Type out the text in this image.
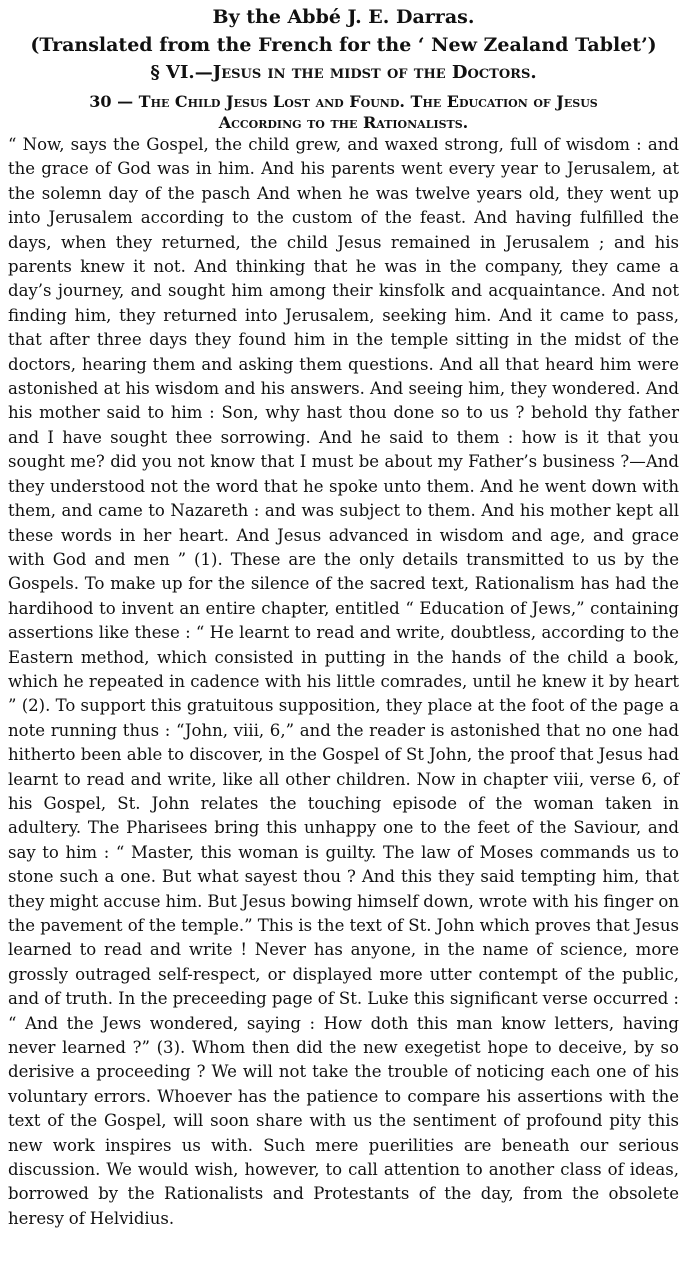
By the Abbé J. E. Darras.

(Translated from the French for the ‘ New Zealand Tablet’)

§ VI.—Jesus in the midst of the Doctors.

30 — The Child Jesus Lost and Found. The Education of Jesus
According to the Rationalists.

“ Now, says the Gospel, the child grew, and waxed strong, full of wisdom : and the grace of God was in him. And his parents went every year to Jerusalem, at the solemn day of the pasch And when he was twelve years old, they went up into Jerusalem according to the custom of the feast. And having fulfilled the days, when they returned, the child Jesus remained in Jerusalem ; and his parents knew it not. And thinking that he was in the company, they came a day’s journey, and sought him among their kinsfolk and acquaintance. And not finding him, they returned into Jerusalem, seeking him. And it came to pass, that after three days they found him in the temple sitting in the midst of the doctors, hearing them and asking them questions. And all that heard him were astonished at his wisdom and his answers. And seeing him, they wondered. And his mother said to him : Son, why hast thou done so to us ? behold thy father and I have sought thee sorrowing. And he said to them : how is it that you sought me? did you not know that I must be about my Father’s business ?—And they understood not the word that he spoke unto them. And he went down with them, and came to Nazareth : and was subject to them. And his mother kept all these words in her heart. And Jesus advanced in wisdom and age, and grace with God and men ” (1). These are the only details transmitted to us by the Gospels. To make up for the silence of the sacred text, Rationalism has had the hardihood to invent an entire chapter, entitled “ Education of Jews,” containing assertions like these : “ He learnt to read and write, doubtless, according to the Eastern method, which consisted in putting in the hands of the child a book, which he repeated in cadence with his little comrades, until he knew it by heart ” (2). To support this gratuitous supposition, they place at the foot of the page a note running thus : “John, viii, 6,” and the reader is astonished that no one had hitherto been able to discover, in the Gospel of St John, the proof that Jesus had learnt to read and write, like all other children. Now in chapter viii, verse 6, of his Gospel, St. John relates the touching episode of the woman taken in adultery. The Pharisees bring this unhappy one to the feet of the Saviour, and say to him : “ Master, this woman is guilty. The law of Moses commands us to stone such a one. But what sayest thou ? And this they said tempting him, that they might accuse him. But Jesus bowing himself down, wrote with his finger on the pavement of the temple.” This is the text of St. John which proves that Jesus learned to read and write ! Never has anyone, in the name of science, more grossly outraged self-respect, or displayed more utter contempt of the public, and of truth. In the preceeding page of St. Luke this significant verse occurred : “ And the Jews wondered, saying : How doth this man know letters, having never learned ?” (3). Whom then did the new exegetist hope to deceive, by so derisive a proceeding ? We will not take the trouble of noticing each one of his voluntary errors. Whoever has the patience to compare his assertions with the text of the Gospel, will soon share with us the sentiment of profound pity this new work inspires us with. Such mere puerilities are beneath our serious discussion. We would wish, however, to call attention to another class of ideas, borrowed by the Rationalists and Protestants of the day, from the obsolete heresy of Helvidius.
